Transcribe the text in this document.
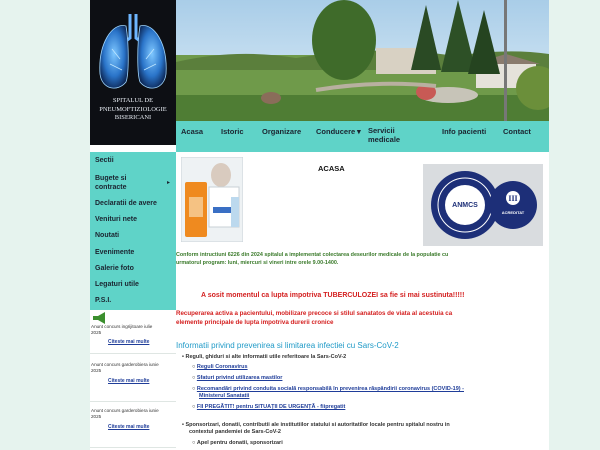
SPITALUL DE
PNEUMOFTIZIOLOGIE
BISERICANI
Acasa Istoric Organizare Conducere ▾ Servicii
medicale
Info pacienti Contact
Sectii
Bugete si
contracte
▸
Declaratii de avere
Venituri nete
Noutati
Evenimente
Galerie foto
Legaturi utile
P.S.I.
Anunt concurs ingrijitoare iulie
2025
Citeste mai multe
Anunt concurs garderobiera iunie
2025
Citeste mai multe
Anunt concurs garderobiera iunie
2025
Citeste mai multe
ACASA
ANMCS
III
ACREDITAT
Conform intructiuni 6226 din 2024 spitalul a implementat colectarea deseurilor medicale de la populatie cu
urmatorul program: luni, miercuri si vineri intre orele 9.00-1400.
A sosit momentul ca lupta impotriva TUBERCULOZEI sa fie si mai sustinuta!!!!!
Recuperarea activa a pacientului, mobilizare precoce si stilul sanatatos de viata al acestuia ca
elemente principale de lupta impotriva durerii cronice
Informatii privind prevenirea si limitarea infectiei cu Sars-CoV-2
• Reguli, ghiduri si alte informatii utile referitoare la Sars-CoV-2
○ Reguli Coronavirus
○ Sfaturi privind utilizarea mastilor
○ Recomandări privind conduita socială responsabilă în prevenirea răspândirii coronavirus (COVID-19) -
Ministerul Sanatatii
○ FII PREGĂTIT! pentru SITUAȚII DE URGENȚĂ - fiipregatit
• Sponsorizari, donatii, contributii ale institutiilor statului si autoritatilor locale pentru spitalul nostru in
contextul pandemiei de Sars-CoV-2
○ Apel pentru donatii, sponsorizari
